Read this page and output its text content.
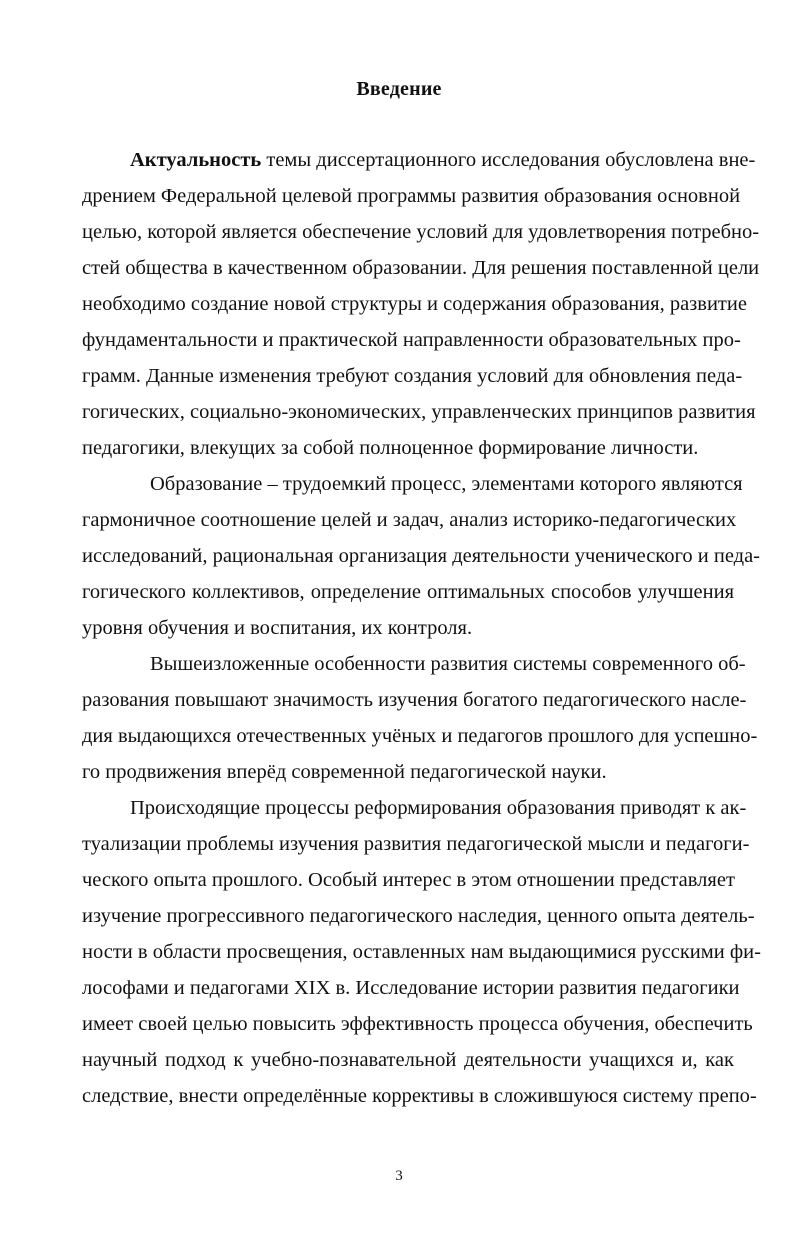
Введение
Актуальность темы диссертационного исследования обусловлена вне-
дрением Федеральной целевой программы развития образования основной
целью, которой является обеспечение условий для удовлетворения потребно-
стей общества в качественном образовании. Для решения поставленной цели
необходимо создание новой структуры и содержания образования, развитие
фундаментальности и практической направленности образовательных про-
грамм. Данные изменения требуют создания условий для обновления педа-
гогических, социально-экономических, управленческих принципов развития
педагогики, влекущих за собой полноценное формирование личности.
Образование – трудоемкий процесс, элементами которого являются
гармоничное соотношение целей и задач, анализ историко-педагогических
исследований, рациональная организация деятельности ученического и педа-
гогического коллективов, определение оптимальных способов улучшения
уровня обучения и воспитания, их контроля.
Вышеизложенные особенности развития системы современного об-
разования повышают значимость изучения богатого педагогического насле-
дия выдающихся отечественных учёных и педагогов прошлого для успешно-
го продвижения вперёд современной педагогической науки.
Происходящие процессы реформирования образования приводят к ак-
туализации проблемы изучения развития педагогической мысли и педагоги-
ческого опыта прошлого. Особый интерес в этом отношении представляет
изучение прогрессивного педагогического наследия, ценного опыта деятель-
ности в области просвещения, оставленных нам выдающимися русскими фи-
лософами и педагогами XIX в. Исследование истории развития педагогики
имеет своей целью повысить эффективность процесса обучения, обеспечить
научный подход к учебно-познавательной деятельности учащихся и, как
следствие, внести определённые коррективы в сложившуюся систему препо-
3
